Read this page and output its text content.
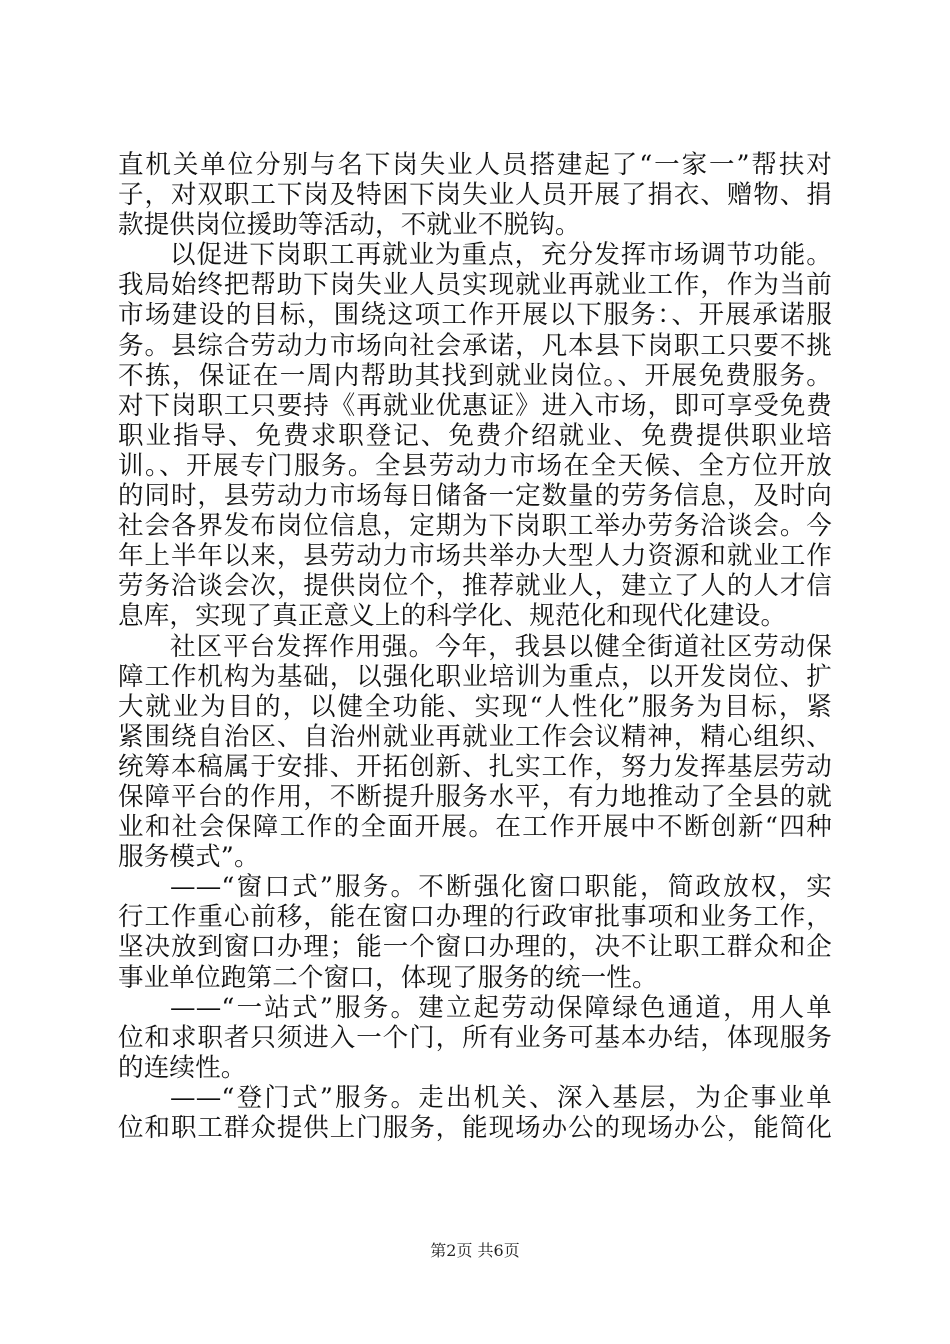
直机关单位分别与名下岗失业人员搭建起了“一家一”帮扶对
子，对双职工下岗及特困下岗失业人员开展了捐衣、赠物、捐
款提供岗位援助等活动，不就业不脱钩。
以促进下岗职工再就业为重点，充分发挥市场调节功能。
我局始终把帮助下岗失业人员实现就业再就业工作，作为当前
市场建设的目标，围绕这项工作开展以下服务：、开展承诺服
务。县综合劳动力市场向社会承诺，凡本县下岗职工只要不挑
不拣，保证在一周内帮助其找到就业岗位。、开展免费服务。
对下岗职工只要持《再就业优惠证》进入市场，即可享受免费
职业指导、免费求职登记、免费介绍就业、免费提供职业培
训。、开展专门服务。全县劳动力市场在全天候、全方位开放
的同时，县劳动力市场每日储备一定数量的劳务信息，及时向
社会各界发布岗位信息，定期为下岗职工举办劳务洽谈会。今
年上半年以来，县劳动力市场共举办大型人力资源和就业工作
劳务洽谈会次，提供岗位个，推荐就业人，建立了人的人才信
息库，实现了真正意义上的科学化、规范化和现代化建设。
社区平台发挥作用强。今年，我县以健全街道社区劳动保
障工作机构为基础，以强化职业培训为重点，以开发岗位、扩
大就业为目的，以健全功能、实现“人性化”服务为目标，紧
紧围绕自治区、自治州就业再就业工作会议精神，精心组织、
统筹本稿属于安排、开拓创新、扎实工作，努力发挥基层劳动
保障平台的作用，不断提升服务水平，有力地推动了全县的就
业和社会保障工作的全面开展。在工作开展中不断创新“四种
服务模式”。
——“窗口式”服务。不断强化窗口职能，简政放权，实
行工作重心前移，能在窗口办理的行政审批事项和业务工作，
坚决放到窗口办理；能一个窗口办理的，决不让职工群众和企
事业单位跑第二个窗口，体现了服务的统一性。
——“一站式”服务。建立起劳动保障绿色通道，用人单
位和求职者只须进入一个门，所有业务可基本办结，体现服务
的连续性。
——“登门式”服务。走出机关、深入基层，为企事业单
位和职工群众提供上门服务，能现场办公的现场办公，能简化
第2页 共6页
